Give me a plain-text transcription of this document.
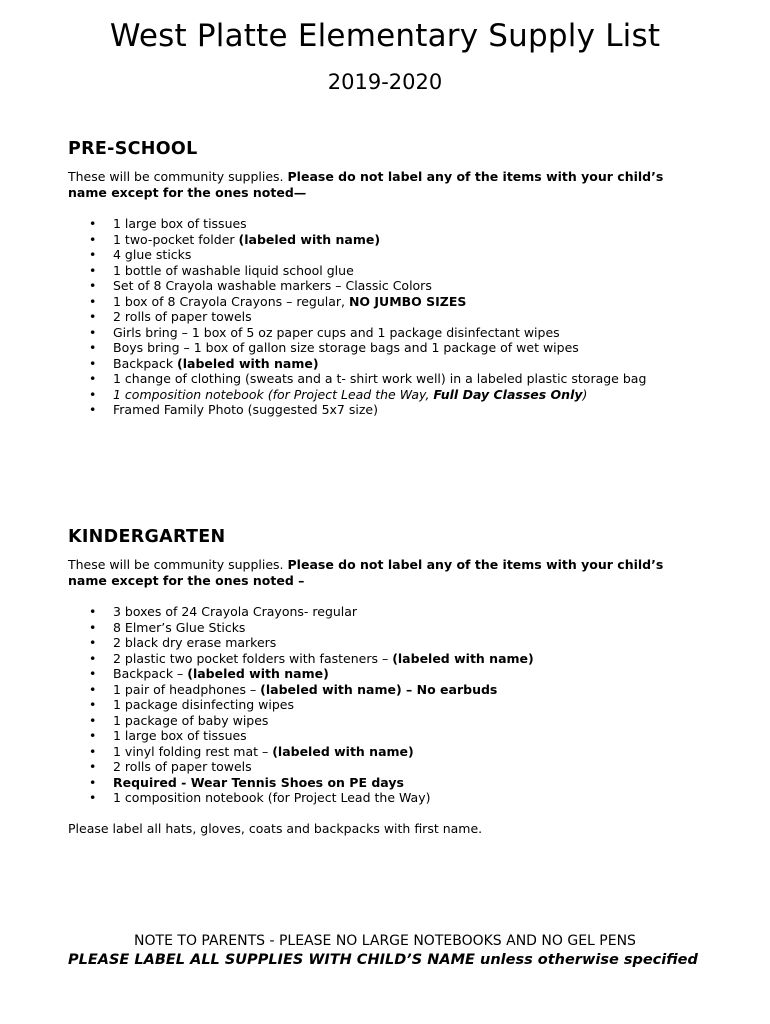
West Platte Elementary Supply List
2019-2020
PRE-SCHOOL

These will be community supplies. Please do not label any of the items with your child’s name except for the ones noted—

• 1 large box of tissues
• 1 two-pocket folder (labeled with name)
• 4 glue sticks
• 1 bottle of washable liquid school glue
• Set of 8 Crayola washable markers – Classic Colors
• 1 box of 8 Crayola Crayons – regular, NO JUMBO SIZES
• 2 rolls of paper towels
• Girls bring – 1 box of 5 oz paper cups and 1 package disinfectant wipes
• Boys bring – 1 box of gallon size storage bags and 1 package of wet wipes
• Backpack (labeled with name)
• 1 change of clothing (sweats and a t- shirt work well) in a labeled plastic storage bag
• 1 composition notebook (for Project Lead the Way, Full Day Classes Only)
• Framed Family Photo (suggested 5x7 size)
KINDERGARTEN

These will be community supplies. Please do not label any of the items with your child’s name except for the ones noted –

• 3 boxes of 24 Crayola Crayons- regular
• 8 Elmer’s Glue Sticks
• 2 black dry erase markers
• 2 plastic two pocket folders with fasteners – (labeled with name)
• Backpack – (labeled with name)
• 1 pair of headphones – (labeled with name) – No earbuds
• 1 package disinfecting wipes
• 1 package of baby wipes
• 1 large box of tissues
• 1 vinyl folding rest mat – (labeled with name)
• 2 rolls of paper towels
• Required - Wear Tennis Shoes on PE days
• 1 composition notebook (for Project Lead the Way)

Please label all hats, gloves, coats and backpacks with first name.

NOTE TO PARENTS - PLEASE NO LARGE NOTEBOOKS AND NO GEL PENS
PLEASE LABEL ALL SUPPLIES WITH CHILD’S NAME unless otherwise specified
